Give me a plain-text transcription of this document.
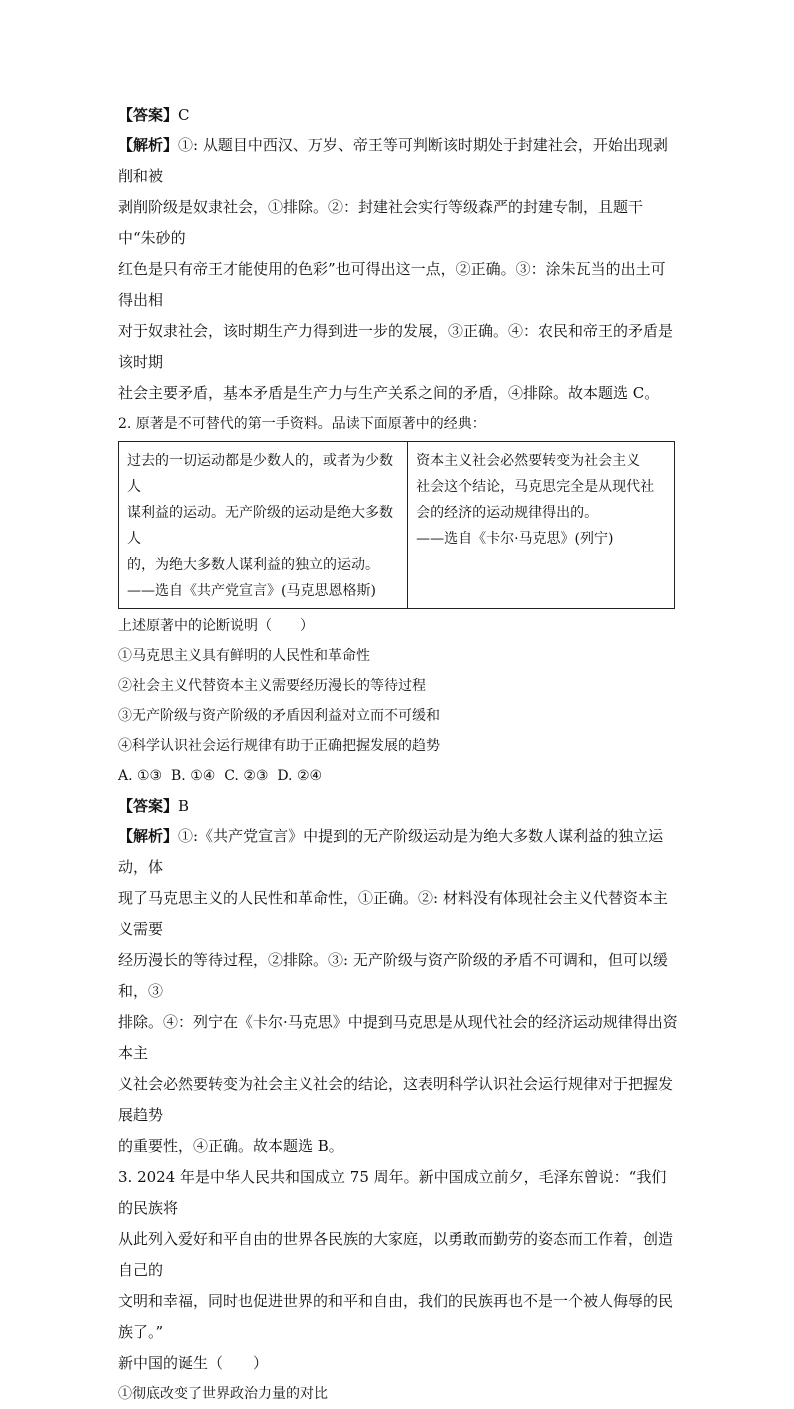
【答案】C

【解析】①: 从题目中西汉、万岁、帝王等可判断该时期处于封建社会，开始出现剥削和被

剥削阶级是奴隶社会，①排除。②：封建社会实行等级森严的封建专制，且题干中“朱砂的

红色是只有帝王才能使用的色彩”也可得出这一点，②正确。③：涂朱瓦当的出土可得出相

对于奴隶社会，该时期生产力得到进一步的发展，③正确。④：农民和帝王的矛盾是该时期

社会主要矛盾，基本矛盾是生产力与生产关系之间的矛盾，④排除。故本题选 C。

2. 原著是不可替代的第一手资料。品读下面原著中的经典：

过去的一切运动都是少数人的，或者为少数人
谋利益的运动。无产阶级的运动是绝大多数人
的，为绝大多数人谋利益的独立的运动。
——选自《共产党宣言》(马克思恩格斯)

资本主义社会必然要转变为社会主义
社会这个结论，马克思完全是从现代社
会的经济的运动规律得出的。
——选自《卡尔·马克思》(列宁)

上述原著中的论断说明（　　）

①马克思主义具有鲜明的人民性和革命性

②社会主义代替资本主义需要经历漫长的等待过程

③无产阶级与资产阶级的矛盾因利益对立而不可缓和

④科学认识社会运行规律有助于正确把握发展的趋势

A. ①③  B. ①④  C. ②③  D. ②④

【答案】B

【解析】①:《共产党宣言》中提到的无产阶级运动是为绝大多数人谋利益的独立运动，体

现了马克思主义的人民性和革命性，①正确。②: 材料没有体现社会主义代替资本主义需要

经历漫长的等待过程，②排除。③: 无产阶级与资产阶级的矛盾不可调和，但可以缓和，③

排除。④：列宁在《卡尔·马克思》中提到马克思是从现代社会的经济运动规律得出资本主

义社会必然要转变为社会主义社会的结论，这表明科学认识社会运行规律对于把握发展趋势

的重要性，④正确。故本题选 B。

3. 2024 年是中华人民共和国成立 75 周年。新中国成立前夕，毛泽东曾说：“我们的民族将

从此列入爱好和平自由的世界各民族的大家庭，以勇敢而勤劳的姿态而工作着，创造自己的

文明和幸福，同时也促进世界的和平和自由，我们的民族再也不是一个被人侮辱的民族了。”

新中国的诞生（　　）

①彻底改变了世界政治力量的对比
